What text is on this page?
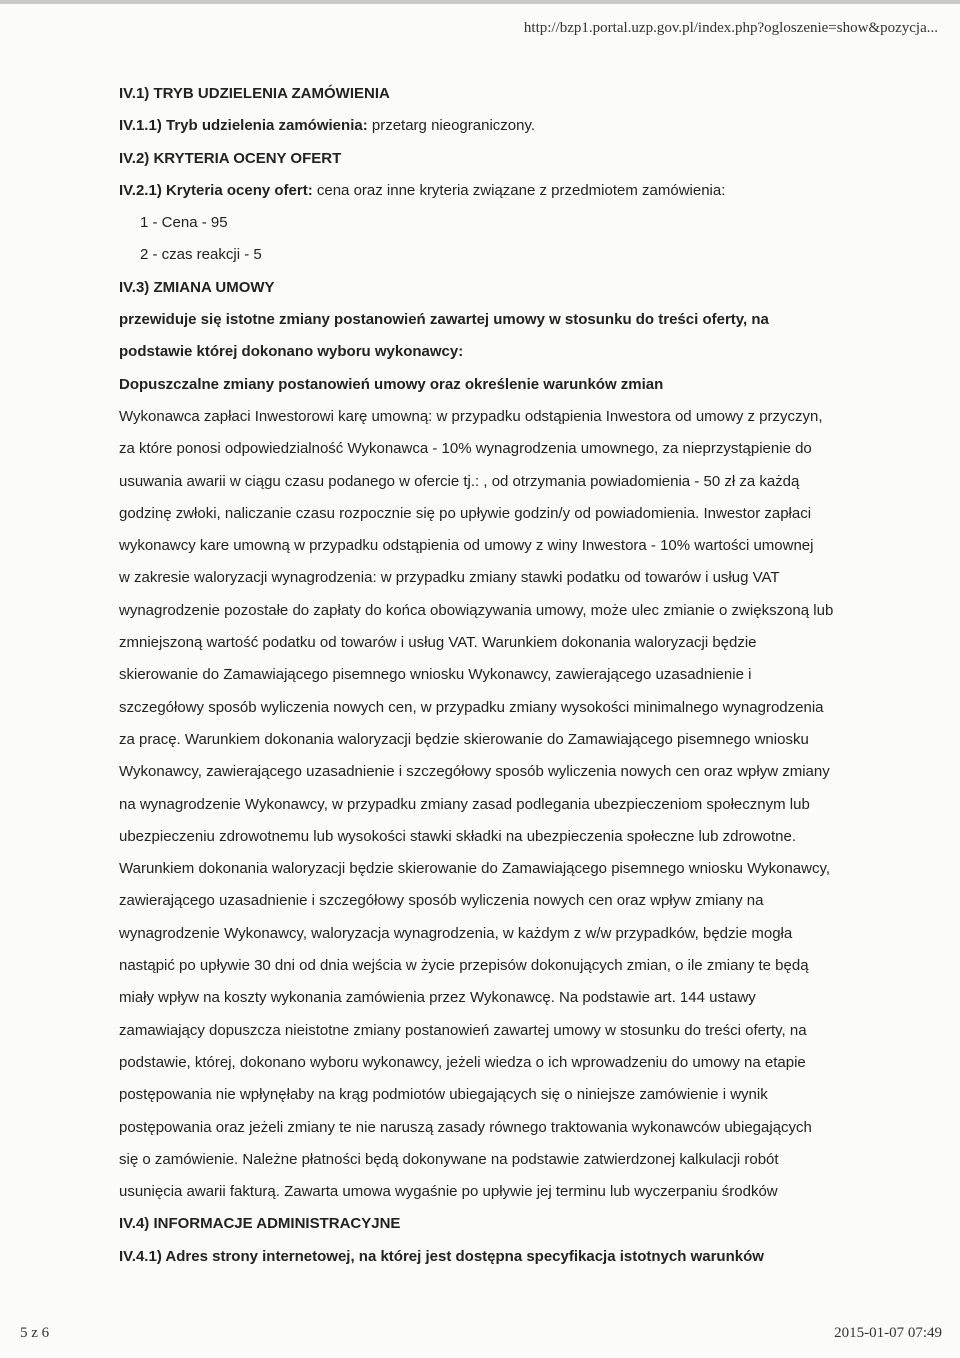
http://bzp1.portal.uzp.gov.pl/index.php?ogloszenie=show&pozycja...
IV.1) TRYB UDZIELENIA ZAMÓWIENIA
IV.1.1) Tryb udzielenia zamówienia: przetarg nieograniczony.
IV.2) KRYTERIA OCENY OFERT
IV.2.1) Kryteria oceny ofert: cena oraz inne kryteria związane z przedmiotem zamówienia:
1 - Cena - 95
2 - czas reakcji - 5
IV.3) ZMIANA UMOWY
przewiduje się istotne zmiany postanowień zawartej umowy w stosunku do treści oferty, na
podstawie której dokonano wyboru wykonawcy:
Dopuszczalne zmiany postanowień umowy oraz określenie warunków zmian
Wykonawca zapłaci Inwestorowi karę umowną: w przypadku odstąpienia Inwestora od umowy z przyczyn,
za które ponosi odpowiedzialność Wykonawca - 10% wynagrodzenia umownego, za nieprzystąpienie do
usuwania awarii w ciągu czasu podanego w ofercie tj.: , od otrzymania powiadomienia - 50 zł za każdą
godzinę zwłoki, naliczanie czasu rozpocznie się po upływie godzin/y od powiadomienia. Inwestor zapłaci
wykonawcy kare umowną w przypadku odstąpienia od umowy z winy Inwestora - 10% wartości umownej
w zakresie waloryzacji wynagrodzenia: w przypadku zmiany stawki podatku od towarów i usług VAT
wynagrodzenie pozostałe do zapłaty do końca obowiązywania umowy, może ulec zmianie o zwiększoną lub
zmniejszoną wartość podatku od towarów i usług VAT. Warunkiem dokonania waloryzacji będzie
skierowanie do Zamawiającego pisemnego wniosku Wykonawcy, zawierającego uzasadnienie i
szczegółowy sposób wyliczenia nowych cen, w przypadku zmiany wysokości minimalnego wynagrodzenia
za pracę. Warunkiem dokonania waloryzacji będzie skierowanie do Zamawiającego pisemnego wniosku
Wykonawcy, zawierającego uzasadnienie i szczegółowy sposób wyliczenia nowych cen oraz wpływ zmiany
na wynagrodzenie Wykonawcy, w przypadku zmiany zasad podlegania ubezpieczeniom społecznym lub
ubezpieczeniu zdrowotnemu lub wysokości stawki składki na ubezpieczenia społeczne lub zdrowotne.
Warunkiem dokonania waloryzacji będzie skierowanie do Zamawiającego pisemnego wniosku Wykonawcy,
zawierającego uzasadnienie i szczegółowy sposób wyliczenia nowych cen oraz wpływ zmiany na
wynagrodzenie Wykonawcy, waloryzacja wynagrodzenia, w każdym z w/w przypadków, będzie mogła
nastąpić po upływie 30 dni od dnia wejścia w życie przepisów dokonujących zmian, o ile zmiany te będą
miały wpływ na koszty wykonania zamówienia przez Wykonawcę. Na podstawie art. 144 ustawy
zamawiający dopuszcza nieistotne zmiany postanowień zawartej umowy w stosunku do treści oferty, na
podstawie, której, dokonano wyboru wykonawcy, jeżeli wiedza o ich wprowadzeniu do umowy na etapie
postępowania nie wpłynęłaby na krąg podmiotów ubiegających się o niniejsze zamówienie i wynik
postępowania oraz jeżeli zmiany te nie naruszą zasady równego traktowania wykonawców ubiegających
się o zamówienie. Należne płatności będą dokonywane na podstawie zatwierdzonej kalkulacji robót
usunięcia awarii fakturą. Zawarta umowa wygaśnie po upływie jej terminu lub wyczerpaniu środków
IV.4) INFORMACJE ADMINISTRACYJNE
IV.4.1) Adres strony internetowej, na której jest dostępna specyfikacja istotnych warunków
5 z 6	2015-01-07 07:49
